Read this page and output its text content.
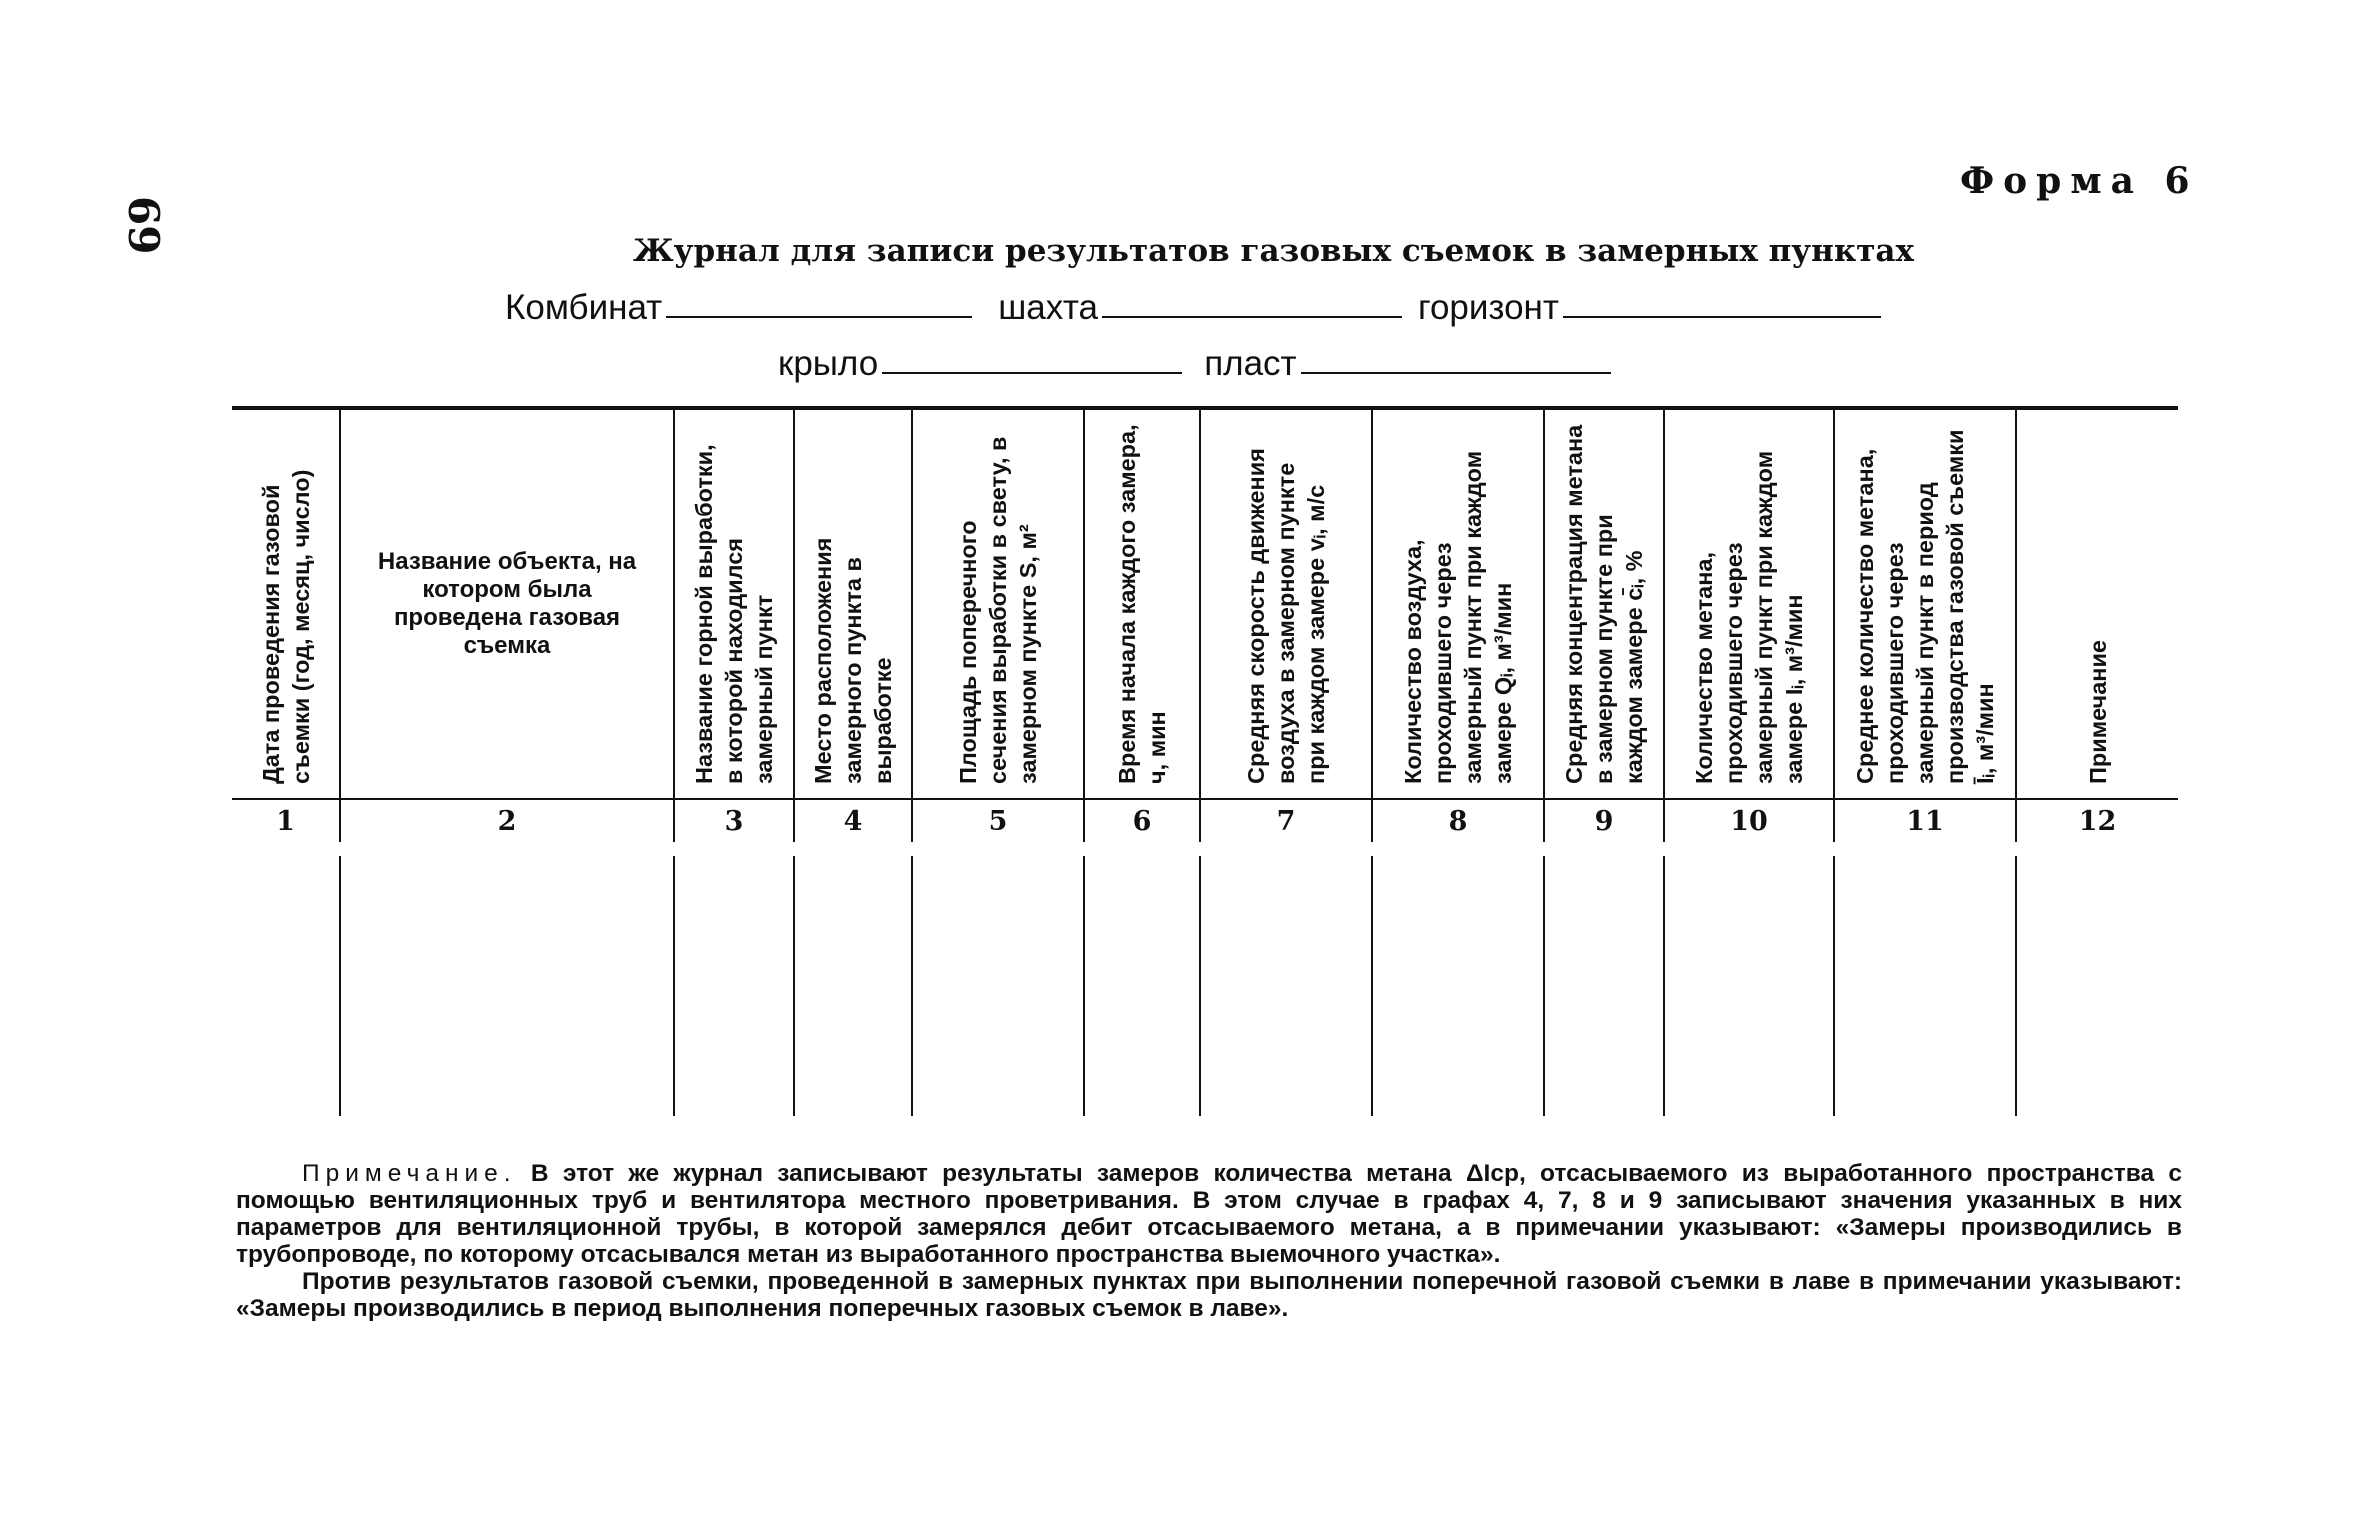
69
Форма 6
Журнал для записи результатов газовых съемок в замерных пунктах
Комбинат	шахта	горизонт
крыло	пласт
Дата проведения газовой съемки (год, месяц, число)	Название объекта, на котором была проведена газовая съемка	Название горной выработки, в которой находился замерный пункт	Место расположения замерного пункта в выработке	Площадь поперечного сечения выработки в свету, в замерном пункте S, м²	Время начала каждого замера, ч, мин	Средняя скорость движения воздуха в замерном пункте при каждом замере vᵢ, м/с	Количество воздуха, проходившего через замерный пункт при каждом замере Qᵢ, м³/мин	Средняя концентрация метана в замерном пункте при каждом замере c̄ᵢ, %	Количество метана, проходившего через замерный пункт при каждом замере Iᵢ, м³/мин	Среднее количество метана, проходившего через замерный пункт в период производства газовой съемки Īᵢ, м³/мин	Примечание

1	2	3	4	5	6	7	8	9	10	11	12

Примечание. В этот же журнал записывают результаты замеров количества метана ΔIср, отсасываемого из выработанного пространства с помощью вентиляционных труб и вентилятора местного проветривания. В этом случае в графах 4, 7, 8 и 9 записывают значения указанных в них параметров для вентиляционной трубы, в которой замерялся дебит отсасываемого метана, а в примечании указывают: «Замеры производились в трубопроводе, по которому отсасывался метан из выработанного пространства выемочного участка».

Против результатов газовой съемки, проведенной в замерных пунктах при выполнении поперечной газовой съемки в лаве в примечании указывают: «Замеры производились в период выполнения поперечных газовых съемок в лаве».
